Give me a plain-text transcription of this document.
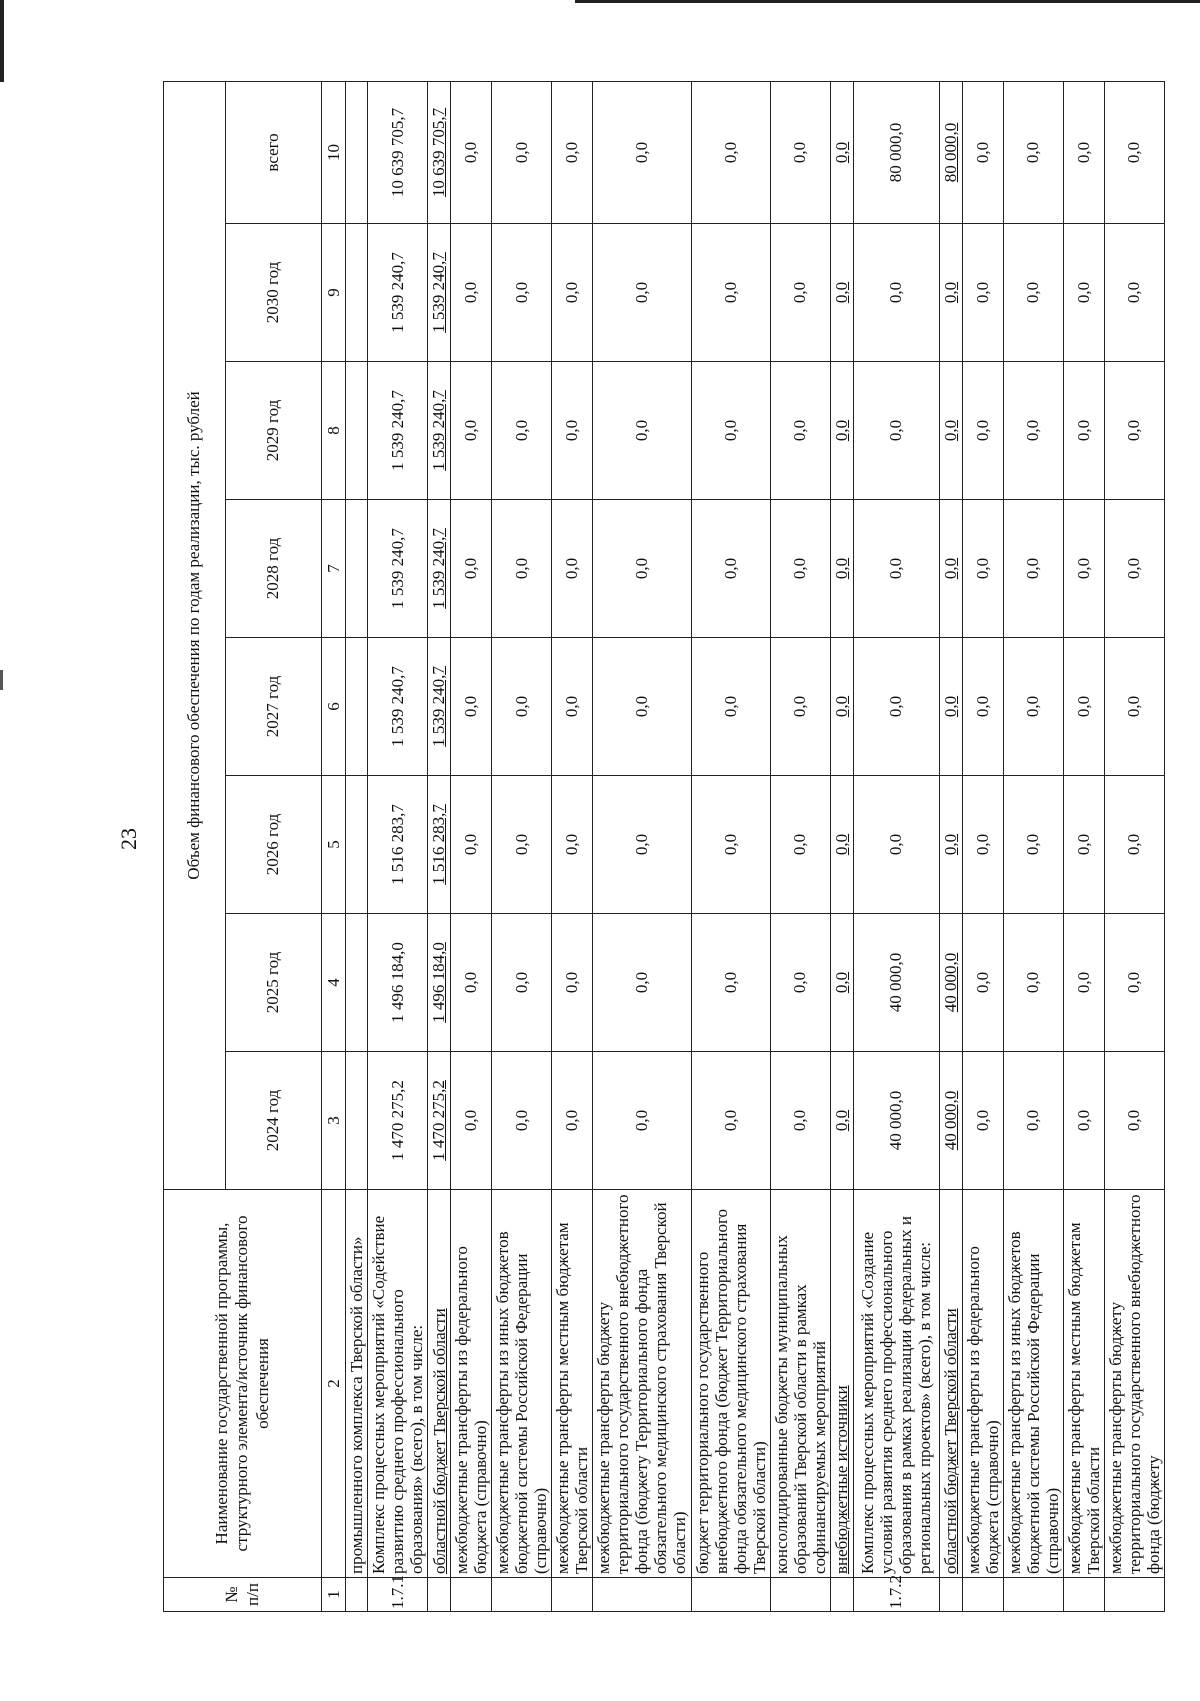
23
№ п/п	Наименование государственной программы, структурного элемента/источник финансового обеспечения	Объем финансового обеспечения по годам реализации, тыс. рублей							
		2024 год	2025 год	2026 год	2027 год	2028 год	2029 год	2030 год	всего
1	2	3	4	5	6	7	8	9	10
	промышленного комплекса Тверской области»								
1.7.1	Комплекс процессных мероприятий «Содействие развитию среднего профессионального образования» (всего), в том числе:	1 470 275,2	1 496 184,0	1 516 283,7	1 539 240,7	1 539 240,7	1 539 240,7	1 539 240,7	10 639 705,7
	областной бюджет Тверской области	1 470 275,2	1 496 184,0	1 516 283,7	1 539 240,7	1 539 240,7	1 539 240,7	1 539 240,7	10 639 705,7
	межбюджетные трансферты из федерального бюджета (справочно)	0,0	0,0	0,0	0,0	0,0	0,0	0,0	0,0
	межбюджетные трансферты из иных бюджетов бюджетной системы Российской Федерации (справочно)	0,0	0,0	0,0	0,0	0,0	0,0	0,0	0,0
	межбюджетные трансферты местным бюджетам Тверской области	0,0	0,0	0,0	0,0	0,0	0,0	0,0	0,0
	межбюджетные трансферты бюджету территориального государственного внебюджетного фонда (бюджету Территориального фонда обязательного медицинского страхования Тверской области)	0,0	0,0	0,0	0,0	0,0	0,0	0,0	0,0
	бюджет территориального государственного внебюджетного фонда (бюджет Территориального фонда обязательного медицинского страхования Тверской области)	0,0	0,0	0,0	0,0	0,0	0,0	0,0	0,0
	консолидированные бюджеты муниципальных образований Тверской области в рамках софинансируемых мероприятий	0,0	0,0	0,0	0,0	0,0	0,0	0,0	0,0
	внебюджетные источники	0,0	0,0	0,0	0,0	0,0	0,0	0,0	0,0
1.7.2	Комплекс процессных мероприятий «Создание условий развития среднего профессионального образования в рамках реализации федеральных и региональных проектов» (всего), в том числе:	40 000,0	40 000,0	0,0	0,0	0,0	0,0	0,0	80 000,0
	областной бюджет Тверской области	40 000,0	40 000,0	0,0	0,0	0,0	0,0	0,0	80 000,0
	межбюджетные трансферты из федерального бюджета (справочно)	0,0	0,0	0,0	0,0	0,0	0,0	0,0	0,0
	межбюджетные трансферты из иных бюджетов бюджетной системы Российской Федерации (справочно)	0,0	0,0	0,0	0,0	0,0	0,0	0,0	0,0
	межбюджетные трансферты местным бюджетам Тверской области	0,0	0,0	0,0	0,0	0,0	0,0	0,0	0,0
	межбюджетные трансферты бюджету территориального государственного внебюджетного фонда (бюджету	0,0	0,0	0,0	0,0	0,0	0,0	0,0	0,0
